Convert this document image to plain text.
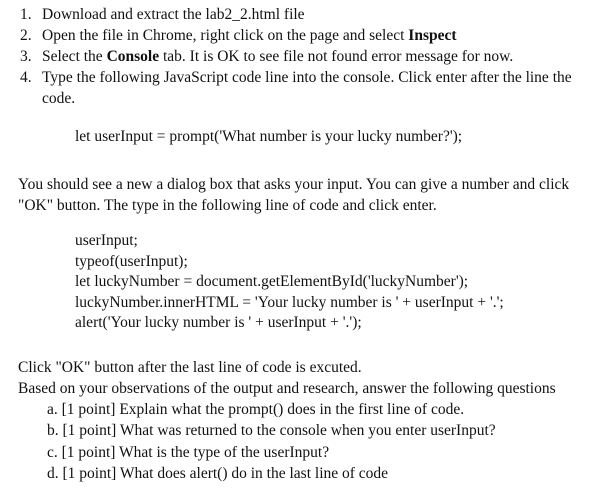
1. Download and extract the lab2_2.html file
2. Open the file in Chrome, right click on the page and select Inspect
3. Select the Console tab. It is OK to see file not found error message for now.
4. Type the following JavaScript code line into the console. Click enter after the line the code.
let userInput = prompt('What number is your lucky number?');
You should see a new a dialog box that asks your input. You can give a number and click "OK" button. The type in the following line of code and click enter.
userInput;
typeof(userInput);
let luckyNumber = document.getElementById('luckyNumber');
luckyNumber.innerHTML = 'Your lucky number is ' + userInput + '.';
alert('Your lucky number is ' + userInput + '.');
Click "OK" button after the last line of code is excuted.
Based on your observations of the output and research, answer the following questions
a. [1 point] Explain what the prompt() does in the first line of code.
b. [1 point] What was returned to the console when you enter userInput?
c. [1 point] What is the type of the userInput?
d. [1 point] What does alert() do in the last line of code
